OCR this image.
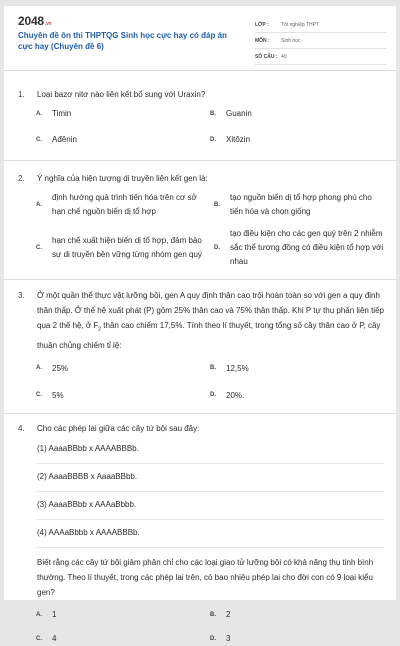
2048.vn
Chuyên đề ôn thi THPTQG Sinh học cực hay có đáp án cực hay (Chuyên đề 6)
LỚP :	Tốt nghiệp THPT
MÔN :	Sinh học
SỐ CÂU : 40
1.	Loại bazơ nitơ nào liên kết bổ sung với Uraxin?
A.	Timin	B.	Guanin
C.	Ađênin	D.	Xitôzin
2.	Ý nghĩa của hiện tượng di truyền liên kết gen là:
A.
định hướng quá trình tiến hóa trên cơ sở hạn chế nguồn biến dị tổ hợp
B.
tạo nguồn biến dị tổ hợp phong phú cho tiến hóa và chọn giống
C.
hạn chế xuất hiện biến dị tổ hợp, đảm bảo sự di truyền bền vững từng nhóm gen quý
D.
tạo điều kiện cho các gen quý trên 2 nhiễm sắc thể tương đồng có điều kiện tổ hợp với nhau
3.	Ở một quần thể thực vật lưỡng bội, gen A quy định thân cao trội hoàn toàn so với gen a quy định thân thấp. Ở thế hệ xuất phát (P) gồm 25% thân cao và 75% thân thấp. Khi P tự thụ phấn liên tiếp qua 2 thế hệ, ở $F_2$ thân cao chiếm 17,5%. Tính theo lí thuyết, trong tổng số cây thân cao ở P, cây thuần chủng chiếm tỉ lệ:
A.	25%	B.	12,5%
C.	5%	D.	20%.
4.	Cho các phép lai giữa các cây tứ bội sau đây:
(1) AaaaBBbb x AAAABBBb.
(2) AaaaBBBB x AaaaBBbb.
(3) AaaaBBbb x AAAaBbbb.
(4) AAAaBbbb x AAAABBBb.
Biết rằng các cây tứ bội giảm phân chỉ cho các loại giao tử lưỡng bội có khả năng thụ tinh bình thường. Theo lí thuyết, trong các phép lai trên, có bao nhiêu phép lai cho đời con có 9 loại kiểu gen?
A.	1	B.	2
C.	4	D.	3
